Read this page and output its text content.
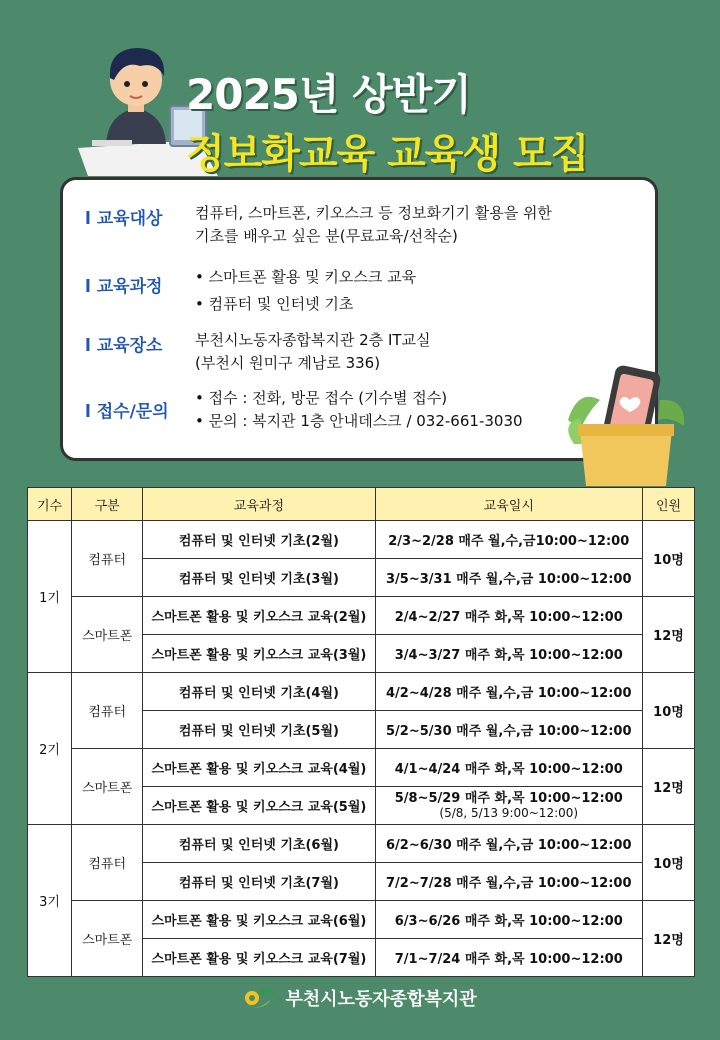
2025년 상반기
정보화교육 교육생 모집
l 교육대상	컴퓨터, 스마트폰, 키오스크 등 정보화기기 활용을 위한
기초를 배우고 싶은 분(무료교육/선착순)
l 교육과정	• 스마트폰 활용 및 키오스크 교육
• 컴퓨터 및 인터넷 기초
l 교육장소	부천시노동자종합복지관 2층 IT교실
(부천시 원미구 계남로 336)
l 접수/문의
• 접수 : 전화, 방문 접수 (기수별 접수)
• 문의 : 복지관 1층 안내데스크 / 032-661-3030
기수	구분	교육과정	교육일시	인원
1기	컴퓨터	컴퓨터 및 인터넷 기초(2월)	2/3~2/28 매주 월,수,금10:00~12:00	10명
		컴퓨터 및 인터넷 기초(3월)	3/5~3/31 매주 월,수,금 10:00~12:00	
	스마트폰	스마트폰 활용 및 키오스크 교육(2월)	2/4~2/27 매주 화,목 10:00~12:00	12명
		스마트폰 활용 및 키오스크 교육(3월)	3/4~3/27 매주 화,목 10:00~12:00	
2기	컴퓨터	컴퓨터 및 인터넷 기초(4월)	4/2~4/28 매주 월,수,금 10:00~12:00	10명
		컴퓨터 및 인터넷 기초(5월)	5/2~5/30 매주 월,수,금 10:00~12:00	
	스마트폰	스마트폰 활용 및 키오스크 교육(4월)	4/1~4/24 매주 화,목 10:00~12:00	12명
		스마트폰 활용 및 키오스크 교육(5월)	5/8~5/29 매주 화,목 10:00~12:00
(5/8, 5/13 9:00~12:00)	

3기	컴퓨터	컴퓨터 및 인터넷 기초(6월)	6/2~6/30 매주 월,수,금 10:00~12:00	10명
		컴퓨터 및 인터넷 기초(7월)	7/2~7/28 매주 월,수,금 10:00~12:00	
	스마트폰	스마트폰 활용 및 키오스크 교육(6월)	6/3~6/26 매주 화,목 10:00~12:00	12명
		스마트폰 활용 및 키오스크 교육(7월)	7/1~7/24 매주 화,목 10:00~12:00	
부천시노동자종합복지관
